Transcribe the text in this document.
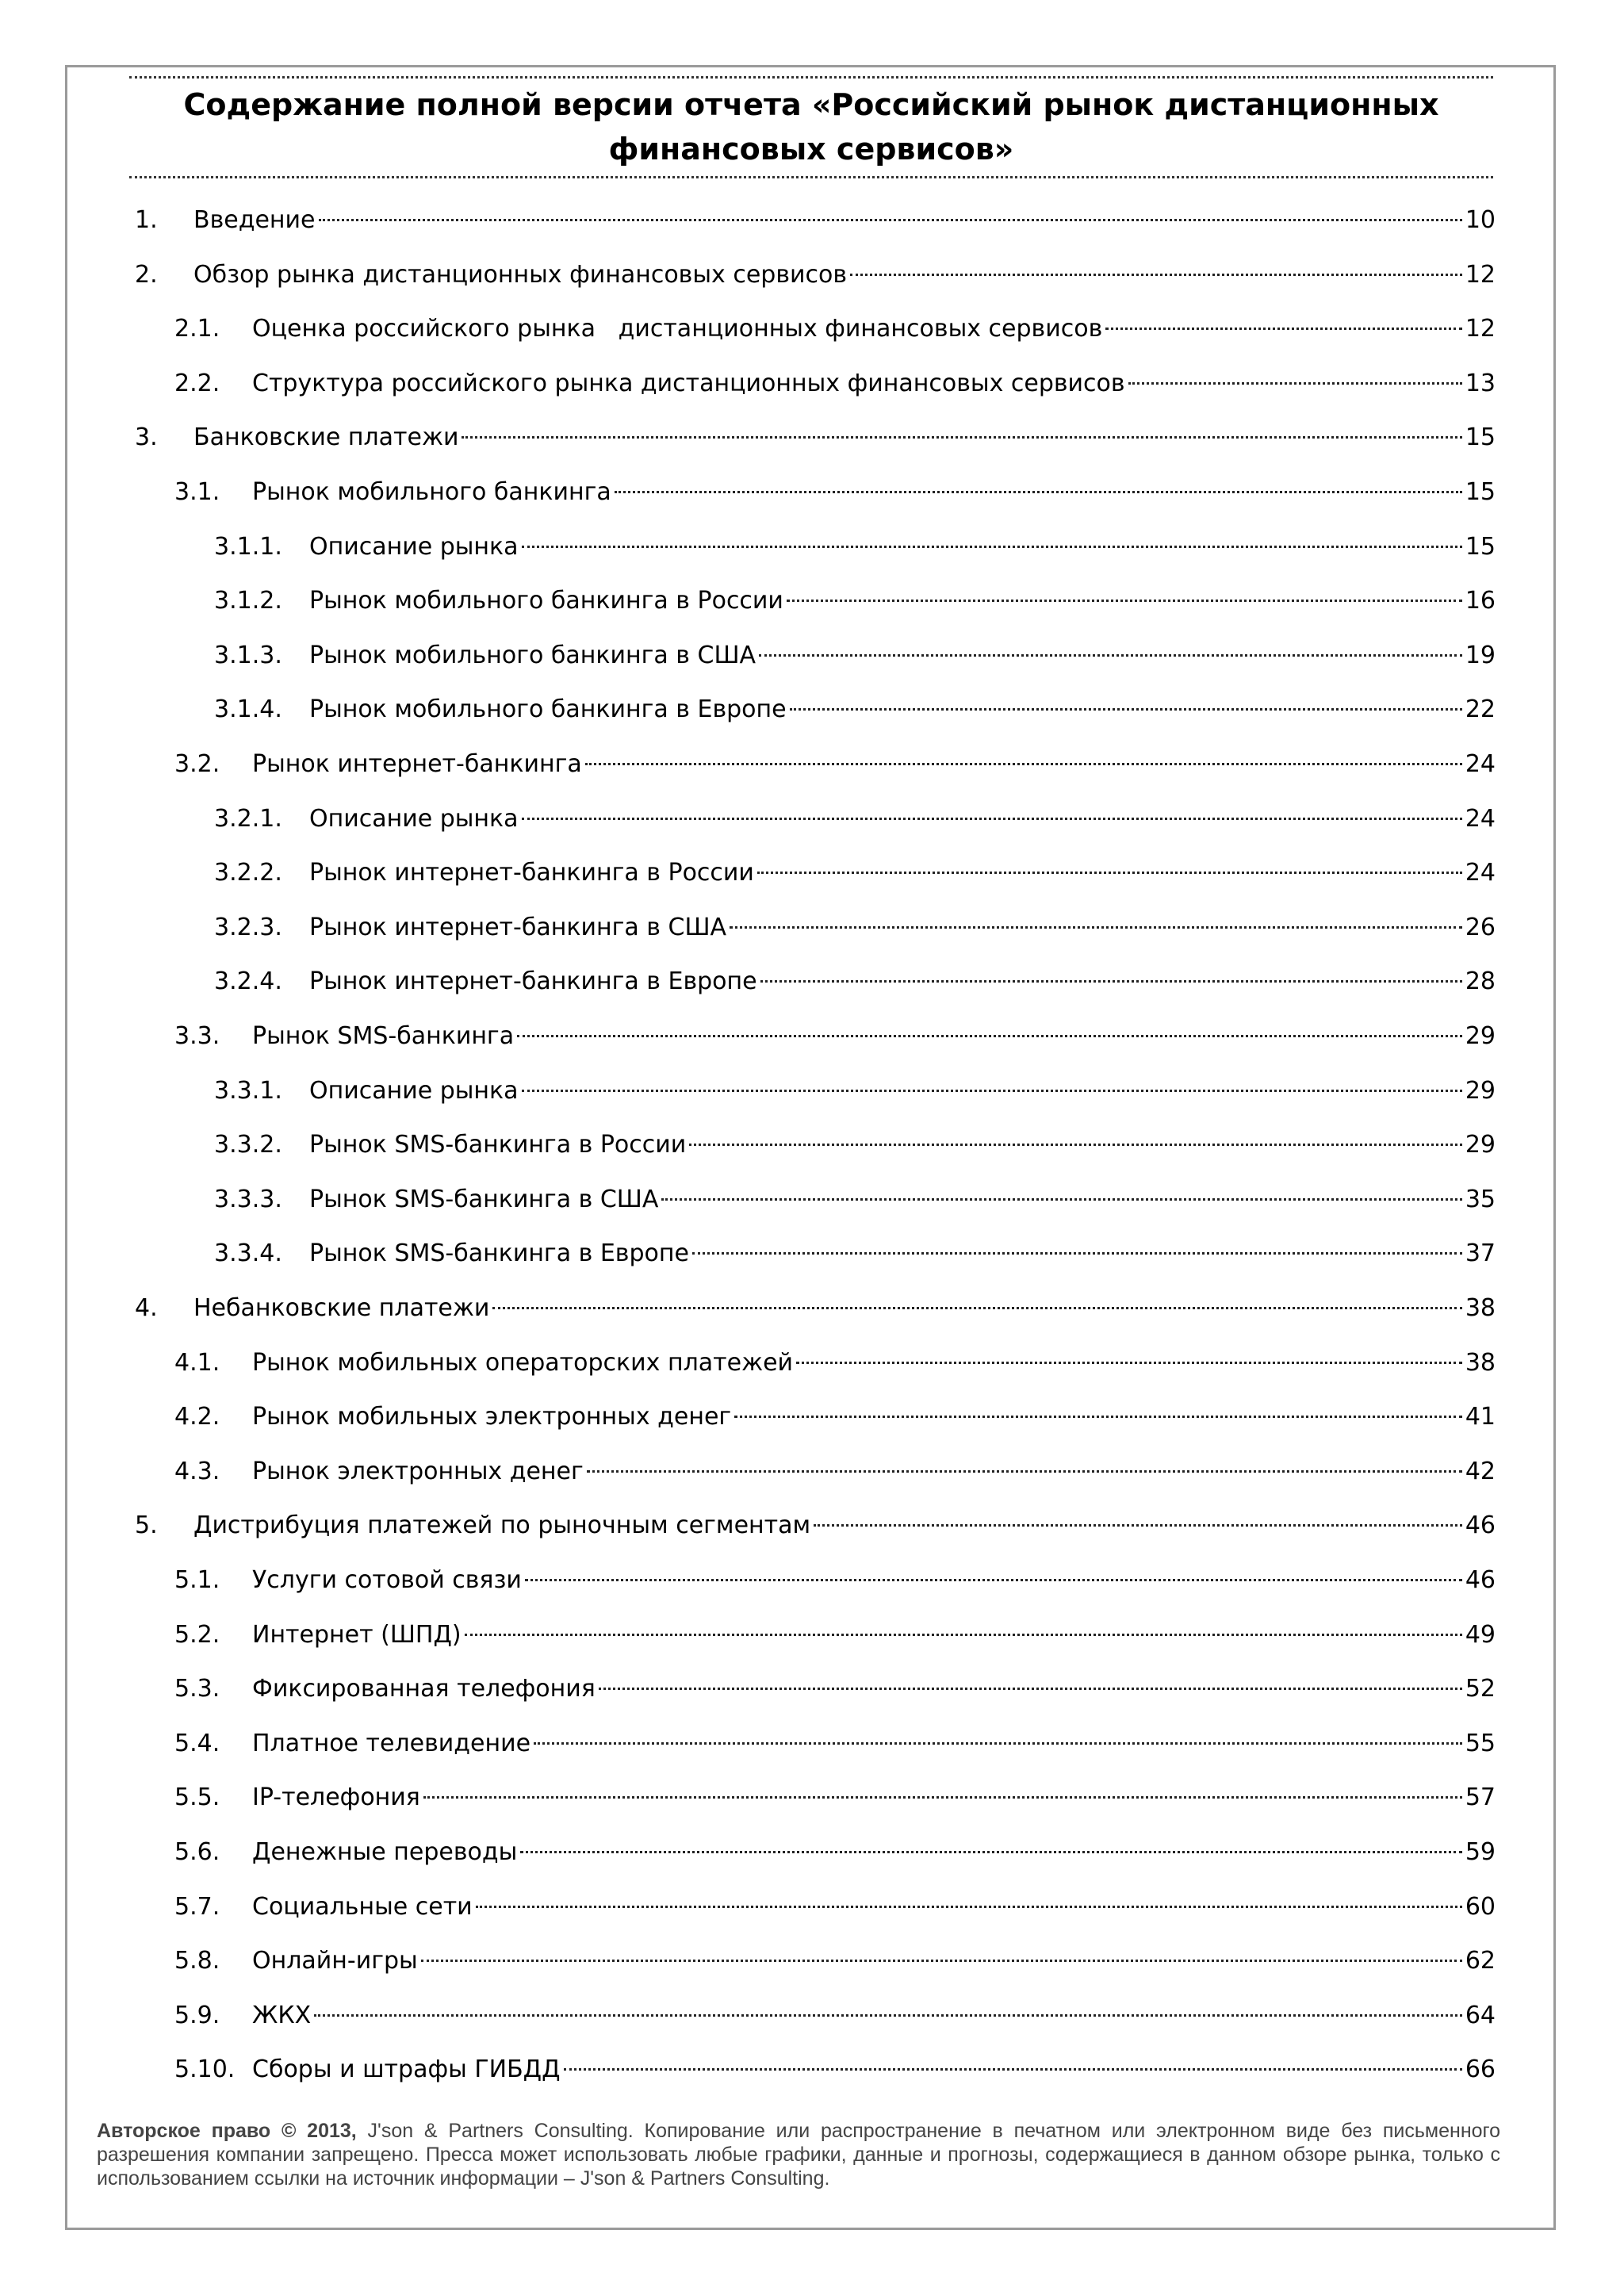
Содержание полной версии отчета «Российский рынок дистанционных
финансовых сервисов»
1.	Введение	10
2.	Обзор рынка дистанционных финансовых сервисов	12
2.1.	Оценка российского рынка   дистанционных финансовых сервисов	12
2.2.	Структура российского рынка дистанционных финансовых сервисов	13
3.	Банковские платежи	15
3.1.	Рынок мобильного банкинга	15
3.1.1.	Описание рынка	15
3.1.2.	Рынок мобильного банкинга в России	16
3.1.3.	Рынок мобильного банкинга в США	19
3.1.4.	Рынок мобильного банкинга в Европе	22
3.2.	Рынок интернет-банкинга	24
3.2.1.	Описание рынка	24
3.2.2.	Рынок интернет-банкинга в России	24
3.2.3.	Рынок интернет-банкинга в США	26
3.2.4.	Рынок интернет-банкинга в Европе	28
3.3.	Рынок SMS-банкинга	29
3.3.1.	Описание рынка	29
3.3.2.	Рынок SMS-банкинга в России	29
3.3.3.	Рынок SMS-банкинга в США	35
3.3.4.	Рынок SMS-банкинга в Европе	37
4.	Небанковские платежи	38
4.1.	Рынок мобильных операторских платежей	38
4.2.	Рынок мобильных электронных денег	41
4.3.	Рынок электронных денег	42
5.	Дистрибуция платежей по рыночным сегментам	46
5.1.	Услуги сотовой связи	46
5.2.	Интернет (ШПД)	49
5.3.	Фиксированная телефония	52
5.4.	Платное телевидение	55
5.5.	IP-телефония	57
5.6.	Денежные переводы	59
5.7.	Социальные сети	60
5.8.	Онлайн-игры	62
5.9.	ЖКХ	64
5.10. Сборы и штрафы ГИБДД	66
Авторское право © 2013, J'son & Partners Consulting. Копирование или распространение в печатном или электронном виде без письменного разрешения компании запрещено. Пресса может использовать любые графики, данные и прогнозы, содержащиеся в данном обзоре рынка, только с использованием ссылки на источник информации – J'son & Partners Consulting.
